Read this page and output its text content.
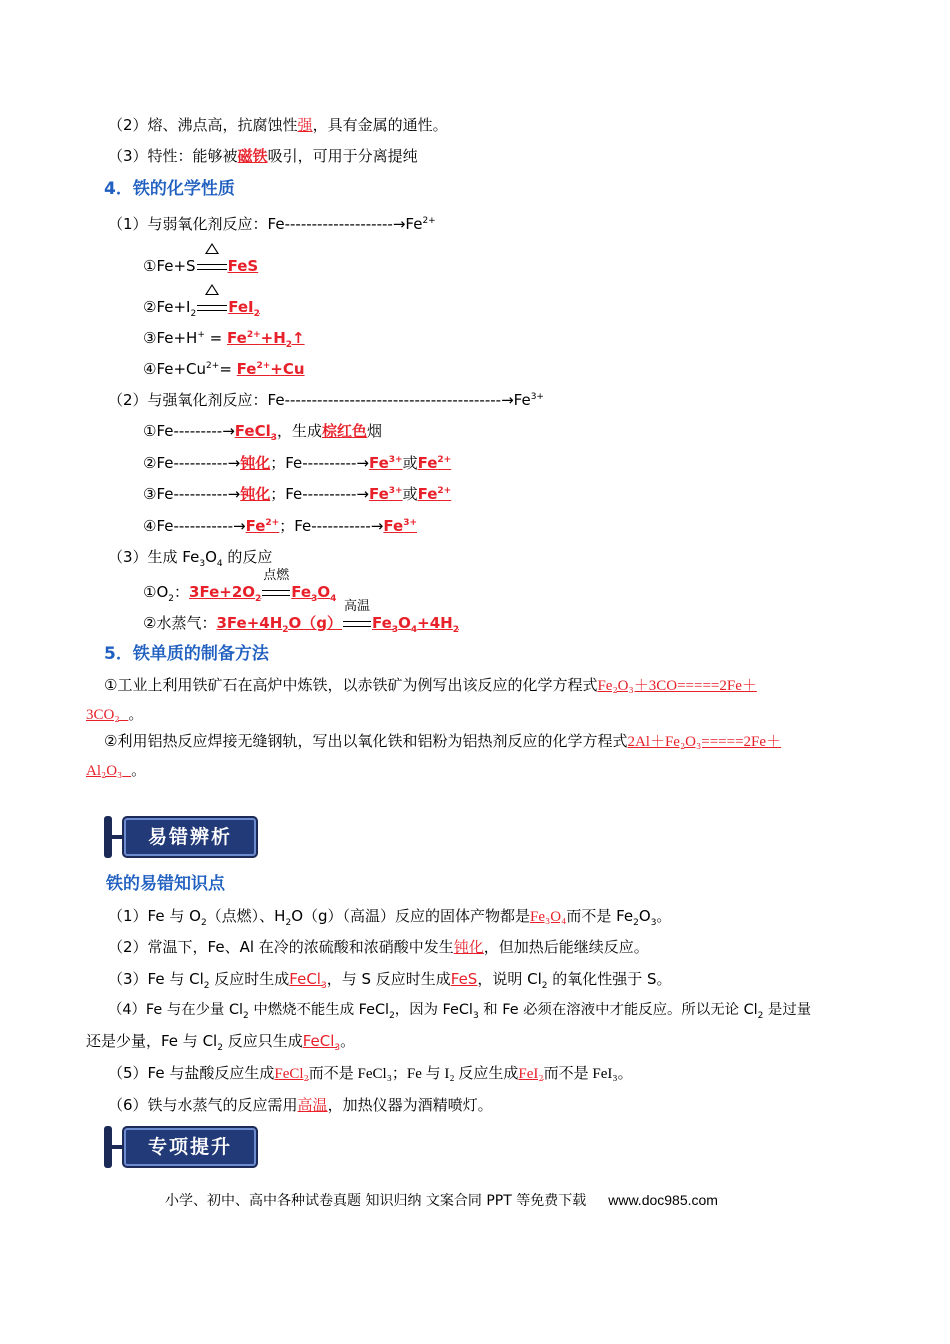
（2）熔、沸点高，抗腐蚀性强，具有金属的通性。
（3）特性：能够被磁铁吸引，可用于分离提纯
4．铁的化学性质
（1）与弱氧化剂反应：$Fe--------------------\to Fe^{2+}$
①Fe+S FeS
$②Fe+I_2$ FeI$_2$
③Fe+H+ = $Fe^{2+}+H_2↑$
$④Fe+Cu^{2+}= Fe^{2+}+Cu$
（2）与强氧化剂反应：$Fe----------------------------------------\to Fe^{3+}$
①Fe---------→FeCl$_3$，生成棕红色烟
②Fe----------→钝化；$Fe----------\to Fe^{3+}$或$Fe^{2+}$
③Fe----------→钝化；$Fe----------\to Fe^{3+}$或$Fe^{2+}$
④Fe-$----------\to Fe^{2+}$；$Fe-----------\to Fe^{3+}$
（3）生成 $Fe_3O_4$ 的反应
$①O_2$：$3Fe+2O_2$
点燃
$Fe_3O_4$
②水蒸气：$3Fe+4H_2O(g)$
高温
$Fe_3O_4+4H_2$
5．铁单质的制备方法
①工业上利用铁矿石在高炉中炼铁，以赤铁矿为例写出该反应的化学方程式Fe₂O₃＋3CO=====2Fe＋
3CO₂ 。
②利用铝热反应焊接无缝钢轨，写出以氧化铁和铝粉为铝热剂反应的化学方程式2Al＋Fe₂O₃=====2Fe＋
Al₂O₃ 。
易错辨析
铁的易错知识点
（1）Fe 与 $O_2$（点燃）、$H_2O(g)$（高温）反应的固体产物都是Fe₃O₄而不是 $Fe_2O_3$。
（2）常温下，Fe、Al 在冷的浓硫酸和浓硝酸中发生钝化，但加热后能继续反应。
（3）Fe 与 $Cl_2$ 反应时生成FeCl$_3$，与 S 反应时生成FeS，说明 $Cl_2$ 的氧化性强于 S。
（4）Fe 与在少量 $Cl_2$ 中燃烧不能生成 FeCl$_2$，因为 FeCl$_3$ 和 Fe 必须在溶液中才能反应。所以无论 $Cl_2$ 是过量
还是少量，Fe 与 $Cl_2$ 反应只生成FeCl$_3$。
（5）Fe 与盐酸反应生成FeCl₂而不是 FeCl₃；Fe 与 I₂ 反应生成FeI₂而不是 FeI₃。
（6）铁与水蒸气的反应需用高温，加热仪器为酒精喷灯。
专项提升
小学、初中、高中各种试卷真题 知识归纳 文案合同 PPT 等免费下载 www.doc985.com
